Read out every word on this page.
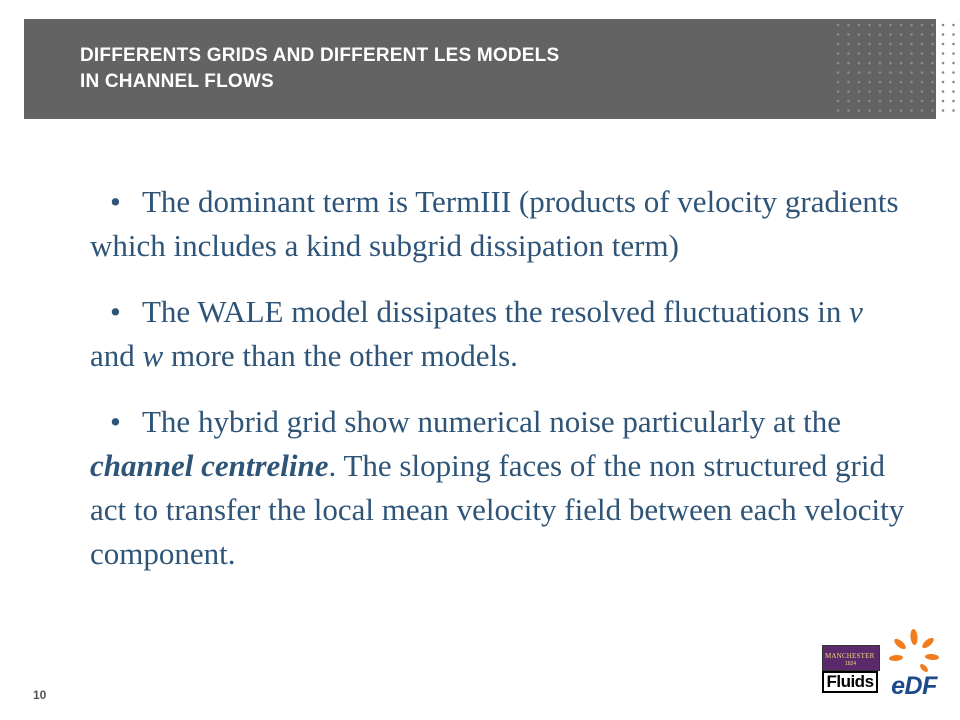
DIFFERENTS GRIDS AND DIFFERENT LES MODELS
IN CHANNEL FLOWS

• The dominant term is TermIII (products of velocity gradients which includes a kind subgrid dissipation term)

• The WALE model dissipates the resolved fluctuations in v and w more than the other models.

• The hybrid grid show numerical noise particularly at the channel centreline. The sloping faces of the non structured grid act to transfer the local mean velocity field between each velocity component.

10
MANCHESTER
1824
Fluids eDF
